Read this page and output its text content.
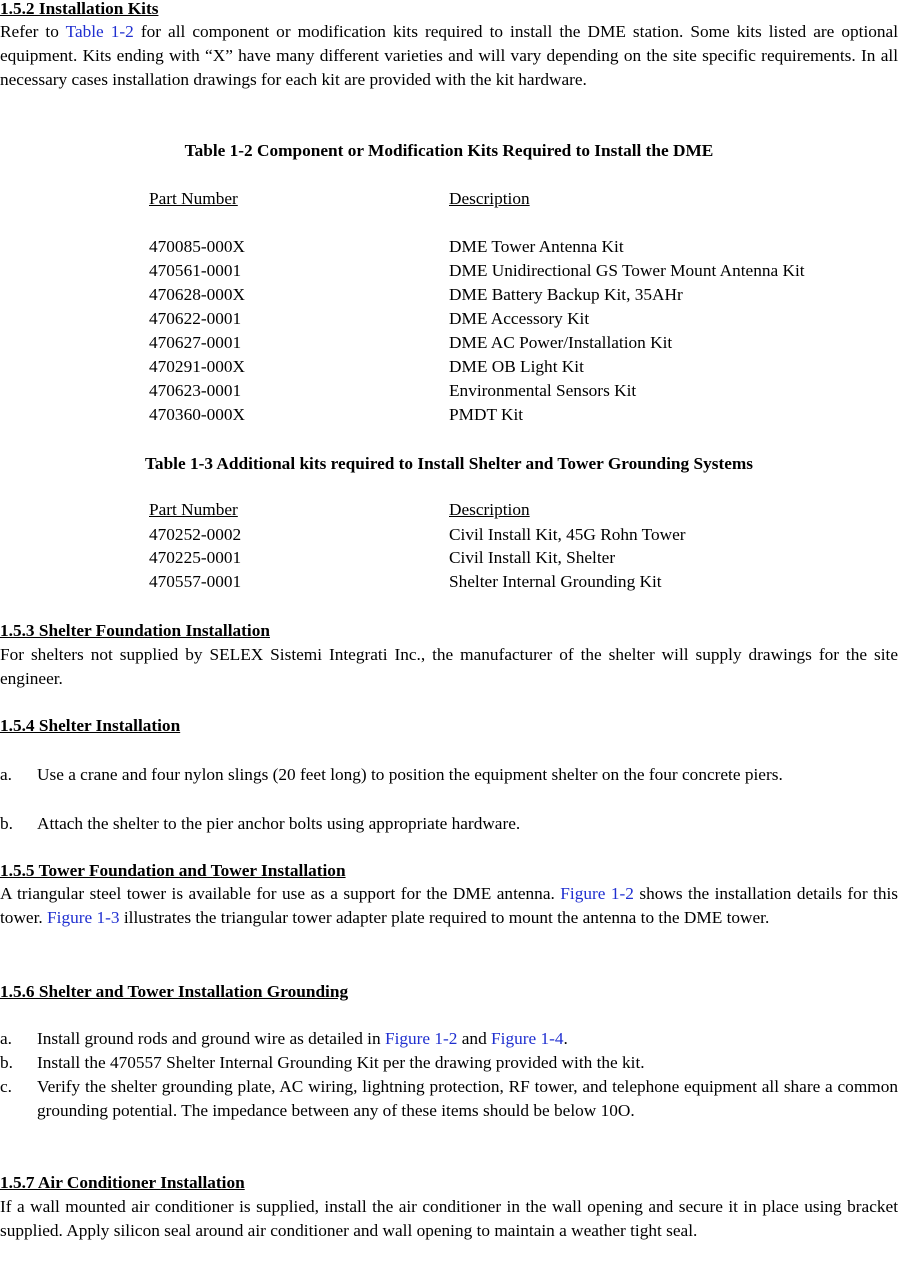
1.5.2 Installation Kits
Refer to Table 1-2 for all component or modification kits required to install the DME station. Some kits listed are optional equipment. Kits ending with “X” have many different varieties and will vary depending on the site specific requirements. In all necessary cases installation drawings for each kit are provided with the kit hardware.
Table 1-2 Component or Modification Kits Required to Install the DME
Part Number	Description
470085-000X	DME Tower Antenna Kit
470561-0001	DME Unidirectional GS Tower Mount Antenna Kit
470628-000X	DME Battery Backup Kit, 35AHr
470622-0001	DME Accessory Kit
470627-0001	DME AC Power/Installation Kit
470291-000X	DME OB Light Kit
470623-0001	Environmental Sensors Kit
470360-000X	PMDT Kit
Table 1-3 Additional kits required to Install Shelter and Tower Grounding Systems
Part Number	Description
470252-0002	Civil Install Kit, 45G Rohn Tower
470225-0001	Civil Install Kit, Shelter
470557-0001	Shelter Internal Grounding Kit
1.5.3 Shelter Foundation Installation
For shelters not supplied by SELEX Sistemi Integrati Inc., the manufacturer of the shelter will supply drawings for the site engineer.
1.5.4 Shelter Installation
a. Use a crane and four nylon slings (20 feet long) to position the equipment shelter on the four concrete piers.
b. Attach the shelter to the pier anchor bolts using appropriate hardware.
1.5.5 Tower Foundation and Tower Installation
A triangular steel tower is available for use as a support for the DME antenna. Figure 1-2 shows the installation details for this tower. Figure 1-3 illustrates the triangular tower adapter plate required to mount the antenna to the DME tower.
1.5.6 Shelter and Tower Installation Grounding
a. Install ground rods and ground wire as detailed in Figure 1-2 and Figure 1-4.
b. Install the 470557 Shelter Internal Grounding Kit per the drawing provided with the kit.
c. Verify the shelter grounding plate, AC wiring, lightning protection, RF tower, and telephone equipment all share a common grounding potential. The impedance between any of these items should be below 10O.
1.5.7 Air Conditioner Installation
If a wall mounted air conditioner is supplied, install the air conditioner in the wall opening and secure it in place using bracket supplied. Apply silicon seal around air conditioner and wall opening to maintain a weather tight seal.
